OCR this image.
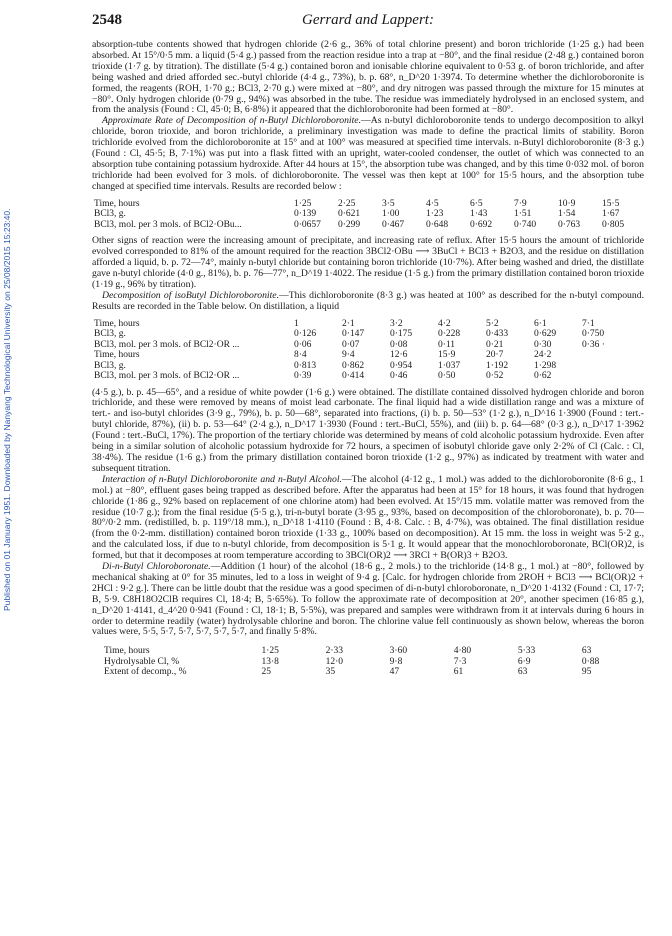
Published on 01 January 1951. Downloaded by Nanyang Technological University on 25/08/2015 15:23:40.
2548	Gerrard and Lappert:

absorption-tube contents showed that hydrogen chloride (2·6 g., 36% of total chlorine present) and boron trichloride (1·25 g.) had been absorbed. At 15°/0·5 mm. a liquid (5·4 g.) passed from the reaction residue into a trap at −80°, and the final residue (2·48 g.) contained boron trioxide (1·7 g. by titration). The distillate (5·4 g.) contained boron and ionisable chlorine equivalent to 0·53 g. of boron trichloride, and after being washed and dried afforded sec.-butyl chloride (4·4 g., 73%), b. p. 68°, n_D^20 1·3974. To determine whether the dichloroboronite is formed, the reagents (ROH, 1·70 g.; BCl3, 2·70 g.) were mixed at −80°, and dry nitrogen was passed through the mixture for 15 minutes at −80°. Only hydrogen chloride (0·79 g., 94%) was absorbed in the tube. The residue was immediately hydrolysed in an enclosed system, and from the analysis (Found : Cl, 45·0; B, 6·8%) it appeared that the dichloroboronite had been formed at −80°.

Approximate Rate of Decomposition of n-Butyl Dichloroboronite.—As n-butyl dichloroboronite tends to undergo decomposition to alkyl chloride, boron trioxide, and boron trichloride, a preliminary investigation was made to define the practical limits of stability. Boron trichloride evolved from the dichloroboronite at 15° and at 100° was measured at specified time intervals. n-Butyl dichloroboronite (8·3 g.) (Found : Cl, 45·5; B, 7·1%) was put into a flask fitted with an upright, water-cooled condenser, the outlet of which was connected to an absorption tube containing potassium hydroxide. After 44 hours at 15°, the absorption tube was changed, and by this time 0·032 mol. of boron trichloride had been evolved for 3 mols. of dichloroboronite. The vessel was then kept at 100° for 15·5 hours, and the absorption tube changed at specified time intervals. Results are recorded below :

Time, hours	1·25	2·25	3·5	4·5	6·5	7·9	10·9	15·5
BCl3, g.	0·139	0·621	1·00	1·23	1·43	1·51	1·54	1·67
BCl3, mol. per 3 mols. of BCl2·OBu...	0·0657	0·299	0·467	0·648	0·692	0·740	0·763	0·805

Other signs of reaction were the increasing amount of precipitate, and increasing rate of reflux. After 15·5 hours the amount of trichloride evolved corresponded to 81% of the amount required for the reaction 3BCl2·OBu ⟶ 3BuCl + BCl3 + B2O3, and the residue on distillation afforded a liquid, b. p. 72—74°, mainly n-butyl chloride but containing boron trichloride (10·7%). After being washed and dried, the distillate gave n-butyl chloride (4·0 g., 81%), b. p. 76—77°, n_D^19 1·4022. The residue (1·5 g.) from the primary distillation contained boron trioxide (1·19 g., 96% by titration).

Decomposition of isoButyl Dichloroboronite.—This dichloroboronite (8·3 g.) was heated at 100° as described for the n-butyl compound. Results are recorded in the Table below. On distillation, a liquid

Time, hours	1	2·1	3·2	4·2	5·2	6·1	7·1
BCl3, g.	0·126	0·147	0·175	0·228	0·433	0·629	0·750
BCl3, mol. per 3 mols. of BCl2·OR ...	0·06	0·07	0·08	0·11	0·21	0·30	0·36 ·
Time, hours	8·4	9·4	12·6	15·9	20·7	24·2	
BCl3, g.	0·813	0·862	0·954	1·037	1·192	1·298	
BCl3, mol. per 3 mols. of BCl2·OR ...	0·39	0·414	0·46	0·50	0·52	0·62	

(4·5 g.), b. p. 45—65°, and a residue of white powder (1·6 g.) were obtained. The distillate contained dissolved hydrogen chloride and boron trichloride, and these were removed by means of moist lead carbonate. The final liquid had a wide distillation range and was a mixture of tert.- and iso-butyl chlorides (3·9 g., 79%), b. p. 50—68°, separated into fractions, (i) b. p. 50—53° (1·2 g.), n_D^16 1·3900 (Found : tert.-butyl chloride, 87%), (ii) b. p. 53—64° (2·4 g.), n_D^17 1·3930 (Found : tert.-BuCl, 55%), and (iii) b. p. 64—68° (0·3 g.), n_D^17 1·3962 (Found : tert.-BuCl, 17%). The proportion of the tertiary chloride was determined by means of cold alcoholic potassium hydroxide. Even after being in a similar solution of alcoholic potassium hydroxide for 72 hours, a specimen of isobutyl chloride gave only 2·2% of Cl (Calc. : Cl, 38·4%). The residue (1·6 g.) from the primary distillation contained boron trioxide (1·2 g., 97%) as indicated by treatment with water and subsequent titration.

Interaction of n-Butyl Dichloroboronite and n-Butyl Alcohol.—The alcohol (4·12 g., 1 mol.) was added to the dichloroboronite (8·6 g., 1 mol.) at −80°, effluent gases being trapped as described before. After the apparatus had been at 15° for 18 hours, it was found that hydrogen chloride (1·86 g., 92% based on replacement of one chlorine atom) had been evolved. At 15°/15 mm. volatile matter was removed from the residue (10·7 g.); from the final residue (5·5 g.), tri-n-butyl borate (3·95 g., 93%, based on decomposition of the chloroboronate), b. p. 70—80°/0·2 mm. (redistilled, b. p. 119°/18 mm.), n_D^18 1·4110 (Found : B, 4·8. Calc. : B, 4·7%), was obtained. The final distillation residue (from the 0·2-mm. distillation) contained boron trioxide (1·33 g., 100% based on decomposition). At 15 mm. the loss in weight was 5·2 g., and the calculated loss, if due to n-butyl chloride, from decomposition is 5·1 g. It would appear that the monochloroboronate, BCl(OR)2, is formed, but that it decomposes at room temperature according to 3BCl(OR)2 ⟶ 3RCl + B(OR)3 + B2O3.

Di-n-Butyl Chloroboronate.—Addition (1 hour) of the alcohol (18·6 g., 2 mols.) to the trichloride (14·8 g., 1 mol.) at −80°, followed by mechanical shaking at 0° for 35 minutes, led to a loss in weight of 9·4 g. [Calc. for hydrogen chloride from 2ROH + BCl3 ⟶ BCl(OR)2 + 2HCl : 9·2 g.]. There can be little doubt that the residue was a good specimen of di-n-butyl chloroboronate, n_D^20 1·4132 (Found : Cl, 17·7; B, 5·9. C8H18O2ClB requires Cl, 18·4; B, 5·65%). To follow the approximate rate of decomposition at 20°, another specimen (16·85 g.), n_D^20 1·4141, d_4^20 0·941 (Found : Cl, 18·1; B, 5·5%), was prepared and samples were withdrawn from it at intervals during 6 hours in order to determine readily (water) hydrolysable chlorine and boron. The chlorine value fell continuously as shown below, whereas the boron values were, 5·5, 5·7, 5·7, 5·7, 5·7, 5·7, and finally 5·8%.

Time, hours	1·25	2·33	3·60	4·80	5·33	63
Hydrolysable Cl, %	13·8	12·0	9·8	7·3	6·9	0·88
Extent of decomp., %	25	35	47	61	63	95
